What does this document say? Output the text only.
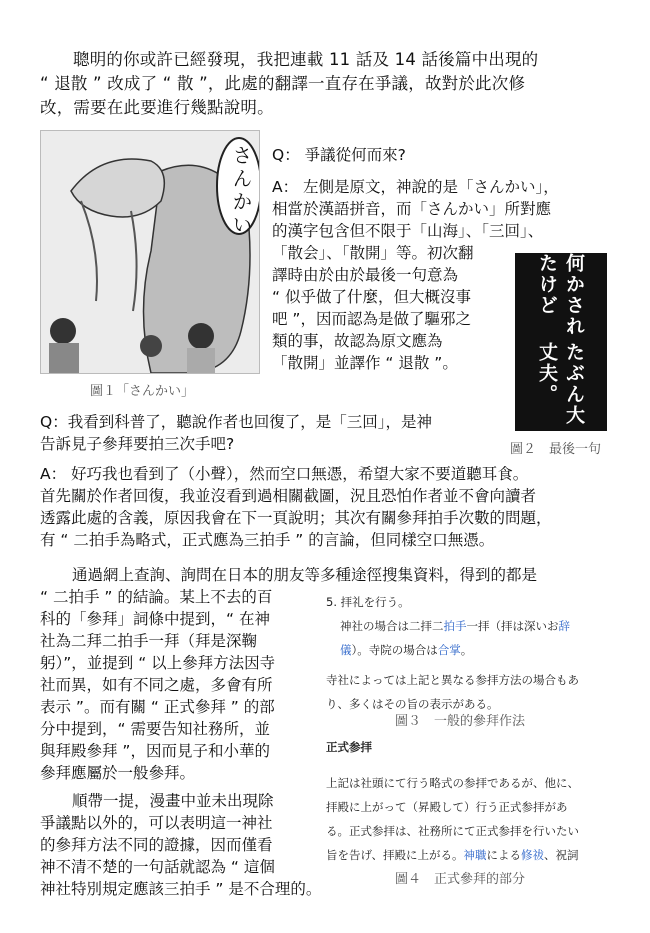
聰明的你或許已經發現，我把連載 11 話及 14 話後篇中出現的
“ 退散 ” 改成了 “ 散 ”，此處的翻譯一直存在爭議，故對於此次修
改，需要在此要進行幾點說明。
さんかい
圖１「さんかい」
Q： 爭議從何而來?
A： 左側是原文，神說的是「さんかい」，
相當於漢語拼音，而「さんかい」所對應
的漢字包含但不限于「山海」、「三回」、
「散会」、「散開」等。初次翻
譯時由於由於最後一句意為
“ 似乎做了什麼，但大概沒事
吧 ”，因而認為是做了驅邪之
類的事，故認為原文應為
「散開」並譯作 “ 退散 ”。
何かされたけど
たぶん大丈夫。
圖２　最後一句
Q：我看到科普了，聽說作者也回復了，是「三回」，是神
告訴見子參拜要拍三次手吧?
A： 好巧我也看到了（小聲），然而空口無憑，希望大家不要道聽耳食。
首先關於作者回復，我並沒看到過相關截圖，況且恐怕作者並不會向讀者
透露此處的含義，原因我會在下一頁說明；其次有關參拜拍手次數的問題，
有 “ 二拍手為略式，正式應為三拍手 ” 的言論，但同樣空口無憑。
通過網上查詢、詢問在日本的朋友等多種途徑搜集資料，得到的都是
“ 二拍手 ” 的結論。某上不去的百
科的「參拜」詞條中提到，“ 在神
社為二拜二拍手一拜（拜是深鞠
躬）”，並提到 “ 以上參拜方法因寺
社而異，如有不同之處，多會有所
表示 ”。而有關 “ 正式參拜 ” 的部
分中提到，“ 需要告知社務所，並
與拜殿參拜 ”，因而見子和小華的
參拜應屬於一般參拜。
順帶一提，漫畫中並未出現除
爭議點以外的，可以表明這一神社
的參拜方法不同的證據，因而僅看
神不清不楚的一句話就認為 “ 這個
神社特別規定應該三拍手 ” 是不合理的。
5. 拝礼を行う。
神社の場合は二拝二拍手一拝（拝は深いお辞
儀）。寺院の場合は合掌。
寺社によっては上記と異なる参拝方法の場合もあ
り、多くはその旨の表示がある。
圖３　一般的參拜作法
正式参拝
上記は社頭にて行う略式の参拝であるが、他に、
拝殿に上がって（昇殿して）行う正式参拝があ
る。正式参拝は、社務所にて正式参拝を行いたい
旨を告げ、拝殿に上がる。神職による修祓、祝詞
圖４　正式參拜的部分
